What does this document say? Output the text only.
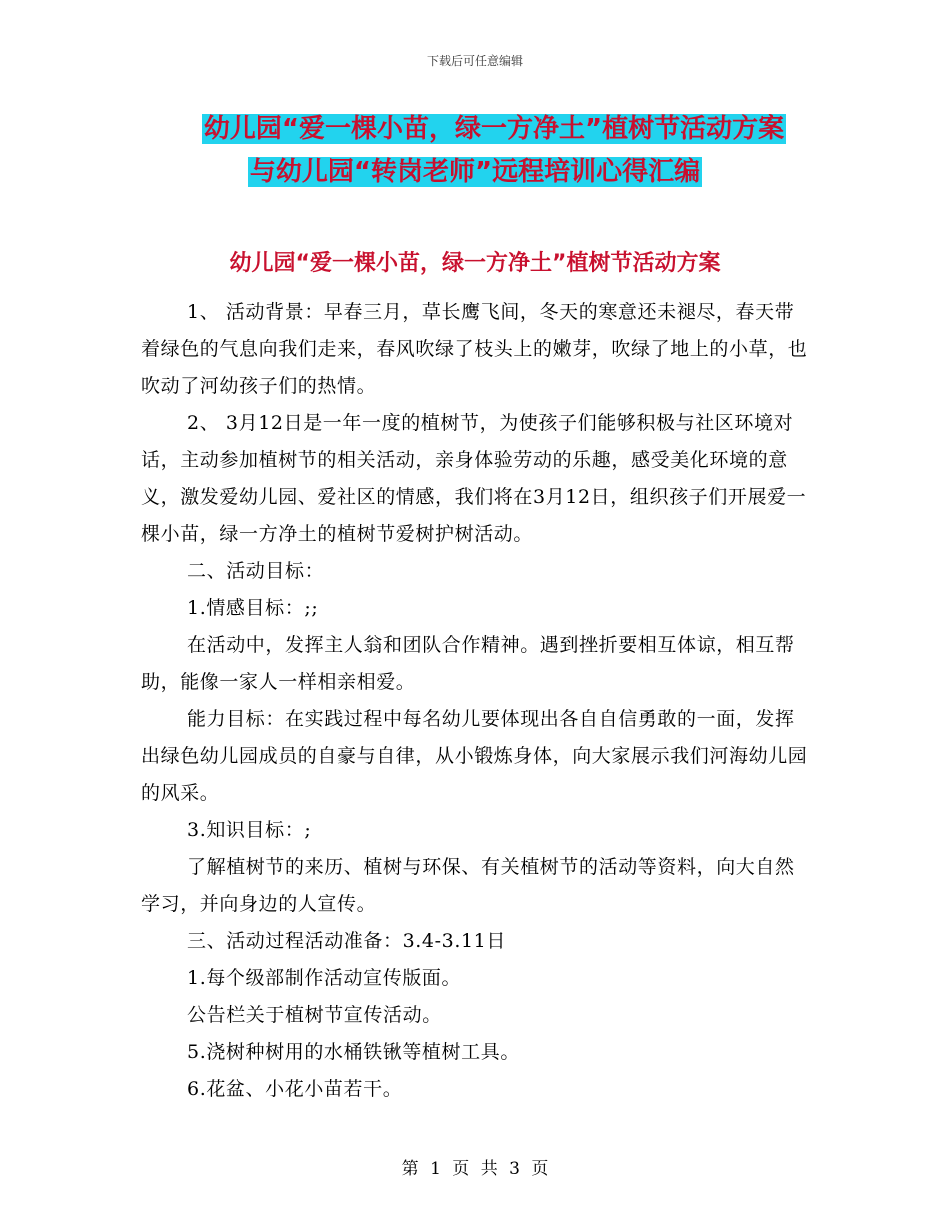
下载后可任意编辑
幼儿园“爱一棵小苗，绿一方净土”植树节活动方案
与幼儿园“转岗老师”远程培训心得汇编
幼儿园“爱一棵小苗，绿一方净土”植树节活动方案

1、 活动背景：早春三月，草长鹰飞间，冬天的寒意还未褪尽，春天带着绿色的气息向我们走来，春风吹绿了枝头上的嫩芽，吹绿了地上的小草，也吹动了河幼孩子们的热情。

2、 3月12日是一年一度的植树节，为使孩子们能够积极与社区环境对话，主动参加植树节的相关活动，亲身体验劳动的乐趣，感受美化环境的意义，激发爱幼儿园、爱社区的情感，我们将在3月12日，组织孩子们开展爱一棵小苗，绿一方净土的植树节爱树护树活动。

二、活动目标：

1.情感目标：;;

在活动中，发挥主人翁和团队合作精神。遇到挫折要相互体谅，相互帮助，能像一家人一样相亲相爱。

能力目标：在实践过程中每名幼儿要体现出各自自信勇敢的一面，发挥出绿色幼儿园成员的自豪与自律，从小锻炼身体，向大家展示我们河海幼儿园的风采。

3.知识目标：;

了解植树节的来历、植树与环保、有关植树节的活动等资料，向大自然学习，并向身边的人宣传。

三、活动过程活动准备：3.4-3.11日

1.每个级部制作活动宣传版面。

公告栏关于植树节宣传活动。

5.浇树种树用的水桶铁锹等植树工具。

6.花盆、小花小苗若干。

第 1 页 共 3 页
